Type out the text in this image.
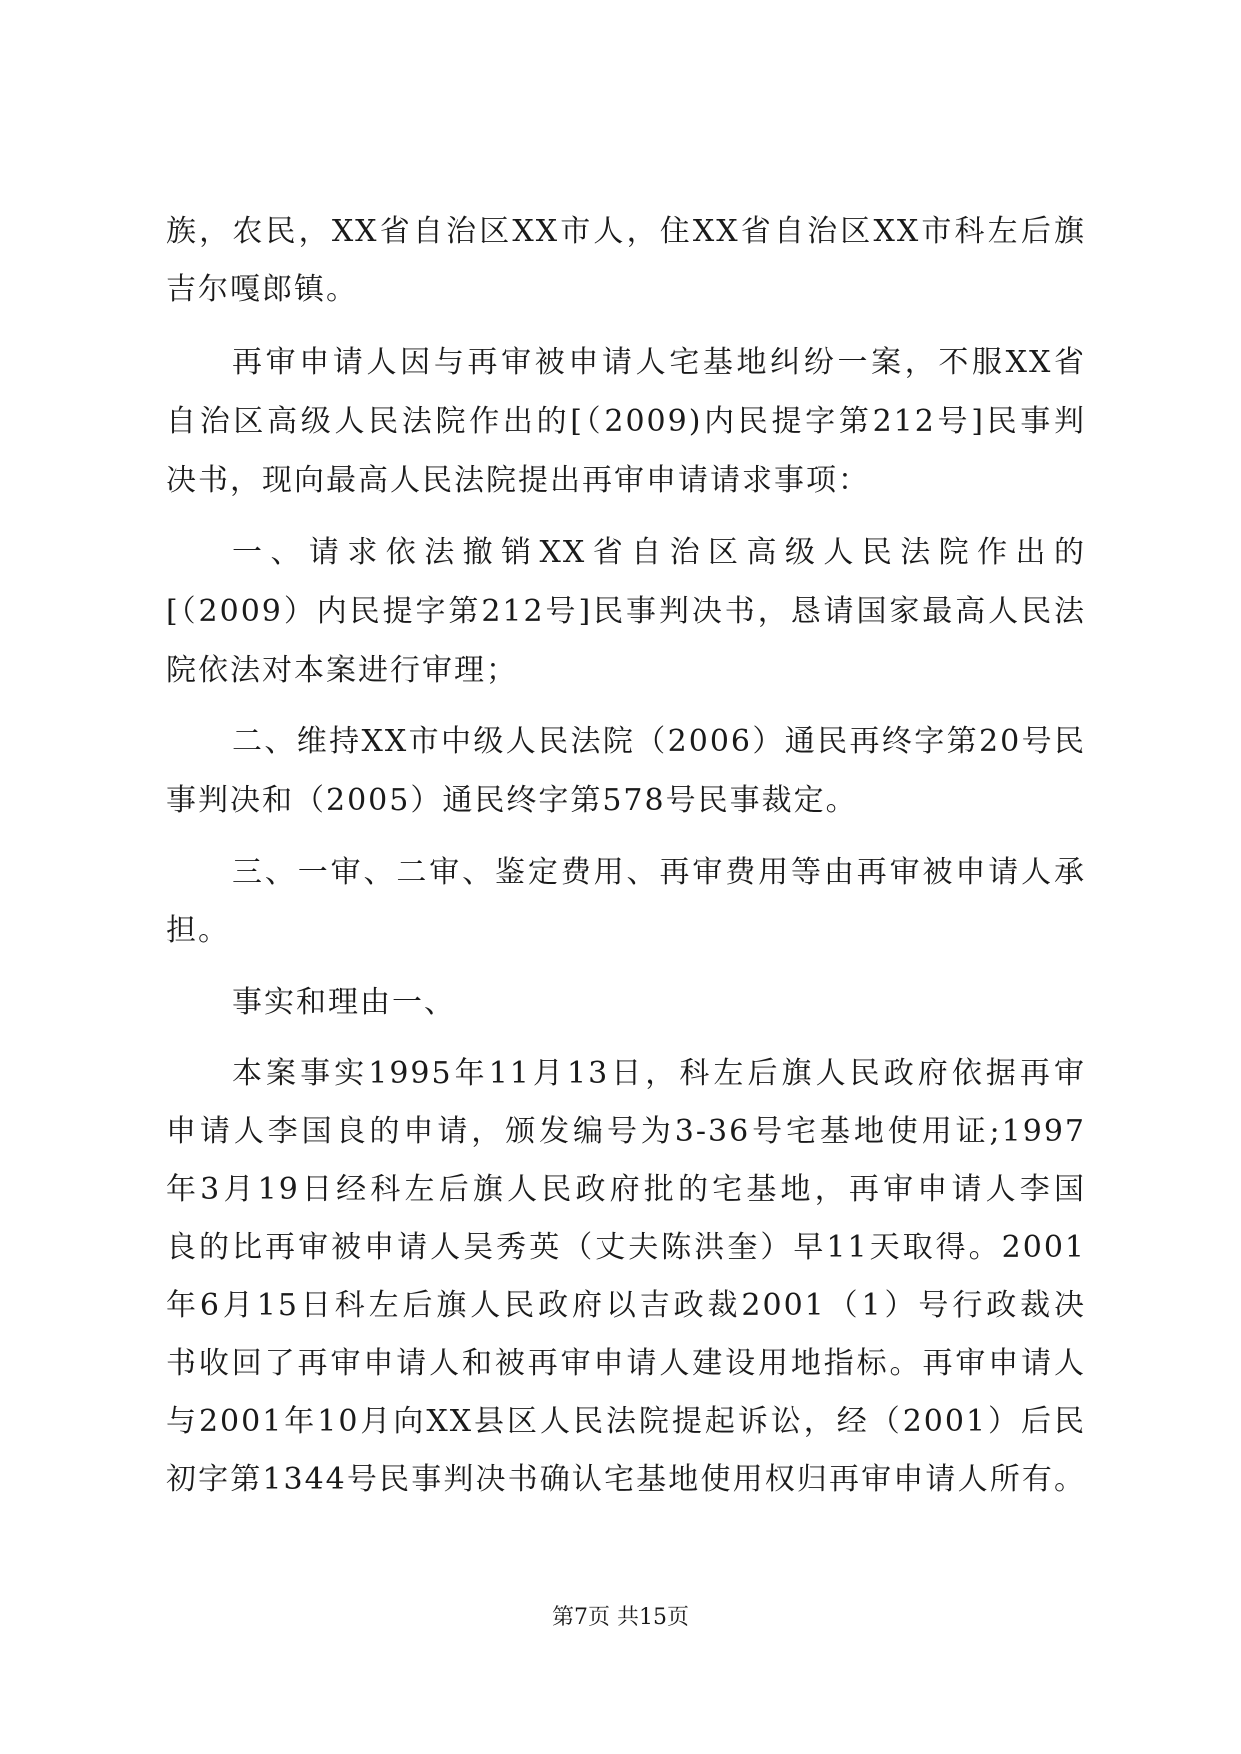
族，农民，XX省自治区XX市人，住XX省自治区XX市科左后旗
吉尔嘎郎镇。
再审申请人因与再审被申请人宅基地纠纷一案，不服XX省
自治区高级人民法院作出的[（2009)内民提字第212号]民事判
决书，现向最高人民法院提出再审申请请求事项：
一、请求依法撤销XX省自治区高级人民法院作出的
[（2009）内民提字第212号]民事判决书，恳请国家最高人民法
院依法对本案进行审理；
二、维持XX市中级人民法院（2006）通民再终字第20号民
事判决和（2005）通民终字第578号民事裁定。
三、一审、二审、鉴定费用、再审费用等由再审被申请人承
担。
事实和理由一、
本案事实1995年11月13日，科左后旗人民政府依据再审
申请人李国良的申请，颁发编号为3-36号宅基地使用证;1997
年3月19日经科左后旗人民政府批的宅基地，再审申请人李国
良的比再审被申请人吴秀英（丈夫陈洪奎）早11天取得。2001
年6月15日科左后旗人民政府以吉政裁2001（1）号行政裁决
书收回了再审申请人和被再审申请人建设用地指标。再审申请人
与2001年10月向XX县区人民法院提起诉讼，经（2001）后民
初字第1344号民事判决书确认宅基地使用权归再审申请人所有。
第7页 共15页
